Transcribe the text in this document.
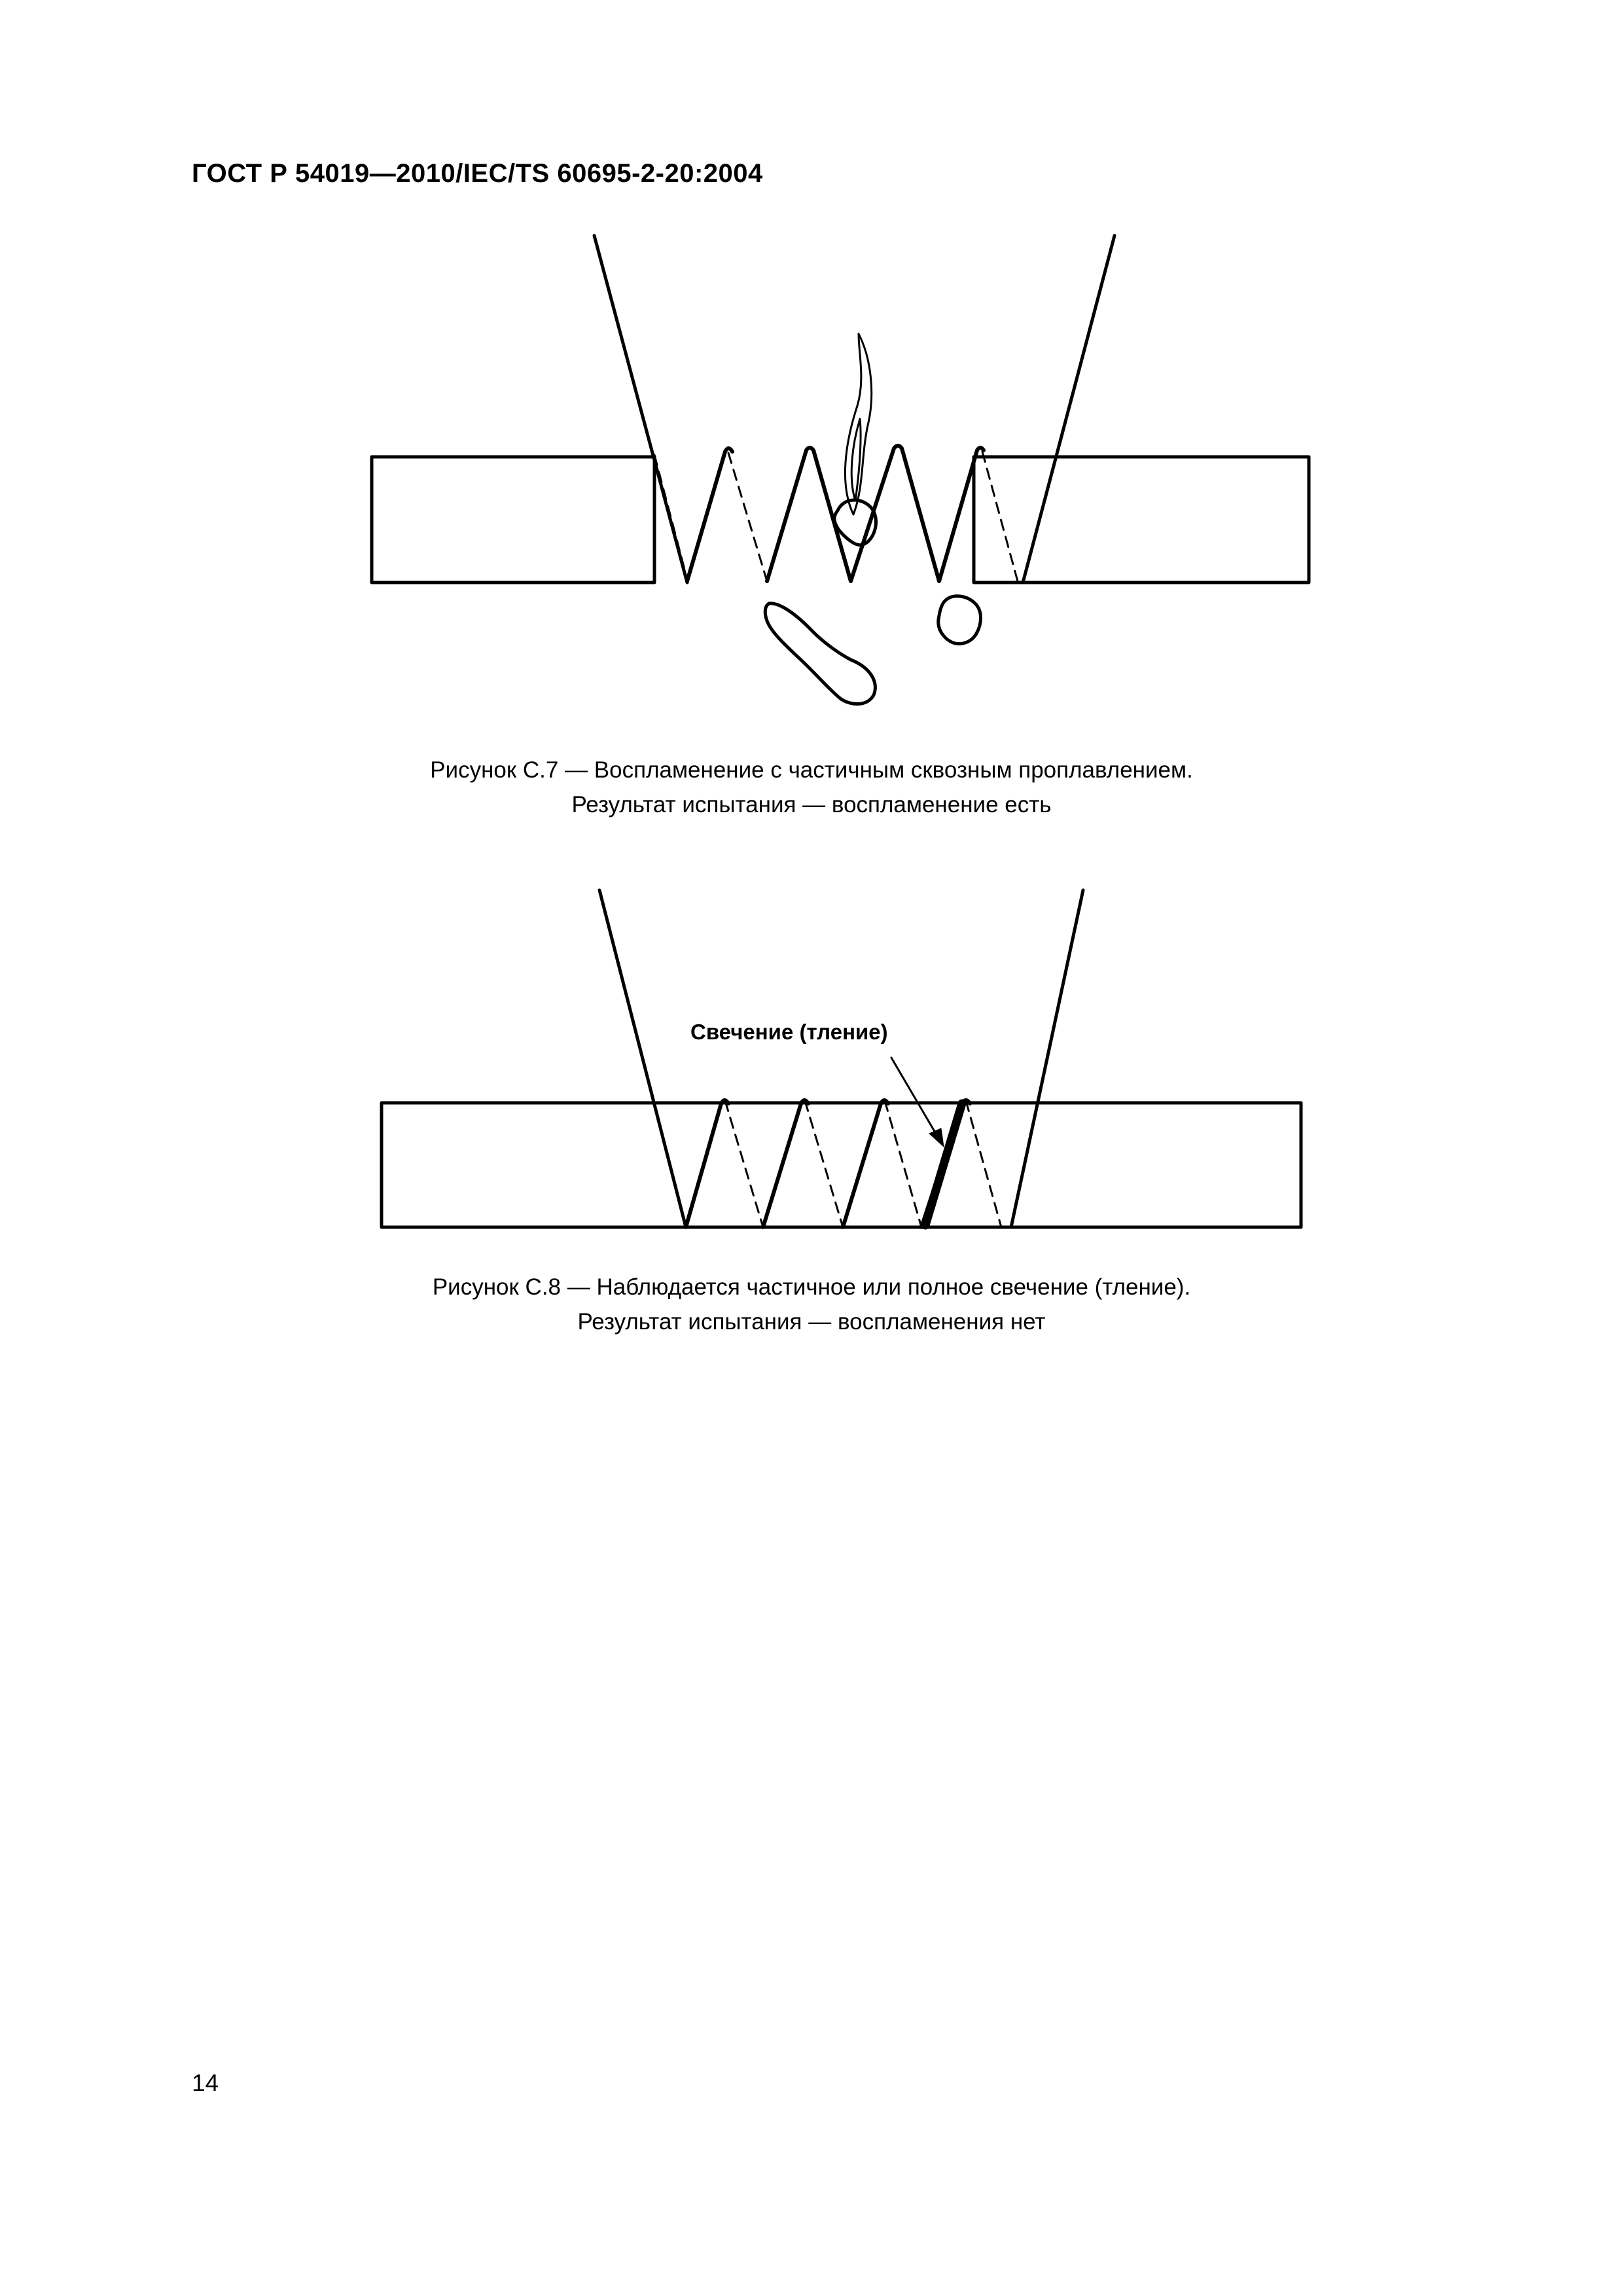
ГОСТ Р 54019—2010/IEC/TS 60695-2-20:2004
Рисунок С.7 — Воспламенение с частичным сквозным проплавлением.
Результат испытания — воспламенение есть
Свечение (тление)
Рисунок С.8 — Наблюдается частичное или полное свечение (тление).
Результат испытания — воспламенения нет
14
